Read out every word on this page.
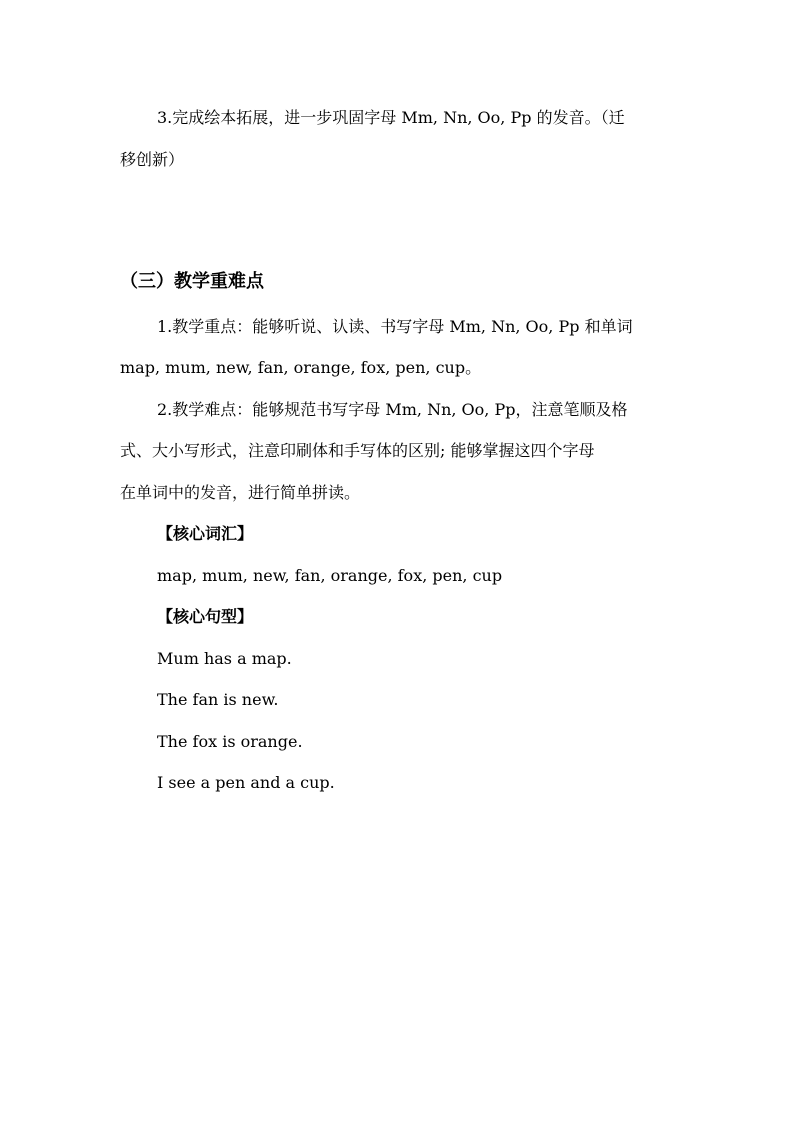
3.完成绘本拓展，进一步巩固字母 Mm, Nn, Oo, Pp 的发音。（迁
移创新）
（三）教学重难点
1.教学重点：能够听说、认读、书写字母 Mm, Nn, Oo, Pp 和单词
map, mum, new, fan, orange, fox, pen, cup。
2.教学难点：能够规范书写字母 Mm, Nn, Oo, Pp，注意笔顺及格
式、大小写形式，注意印刷体和手写体的区别; 能够掌握这四个字母
在单词中的发音，进行简单拼读。
【核心词汇】
map, mum, new, fan, orange, fox, pen, cup
【核心句型】
Mum has a map.
The fan is new.
The fox is orange.
I see a pen and a cup.
